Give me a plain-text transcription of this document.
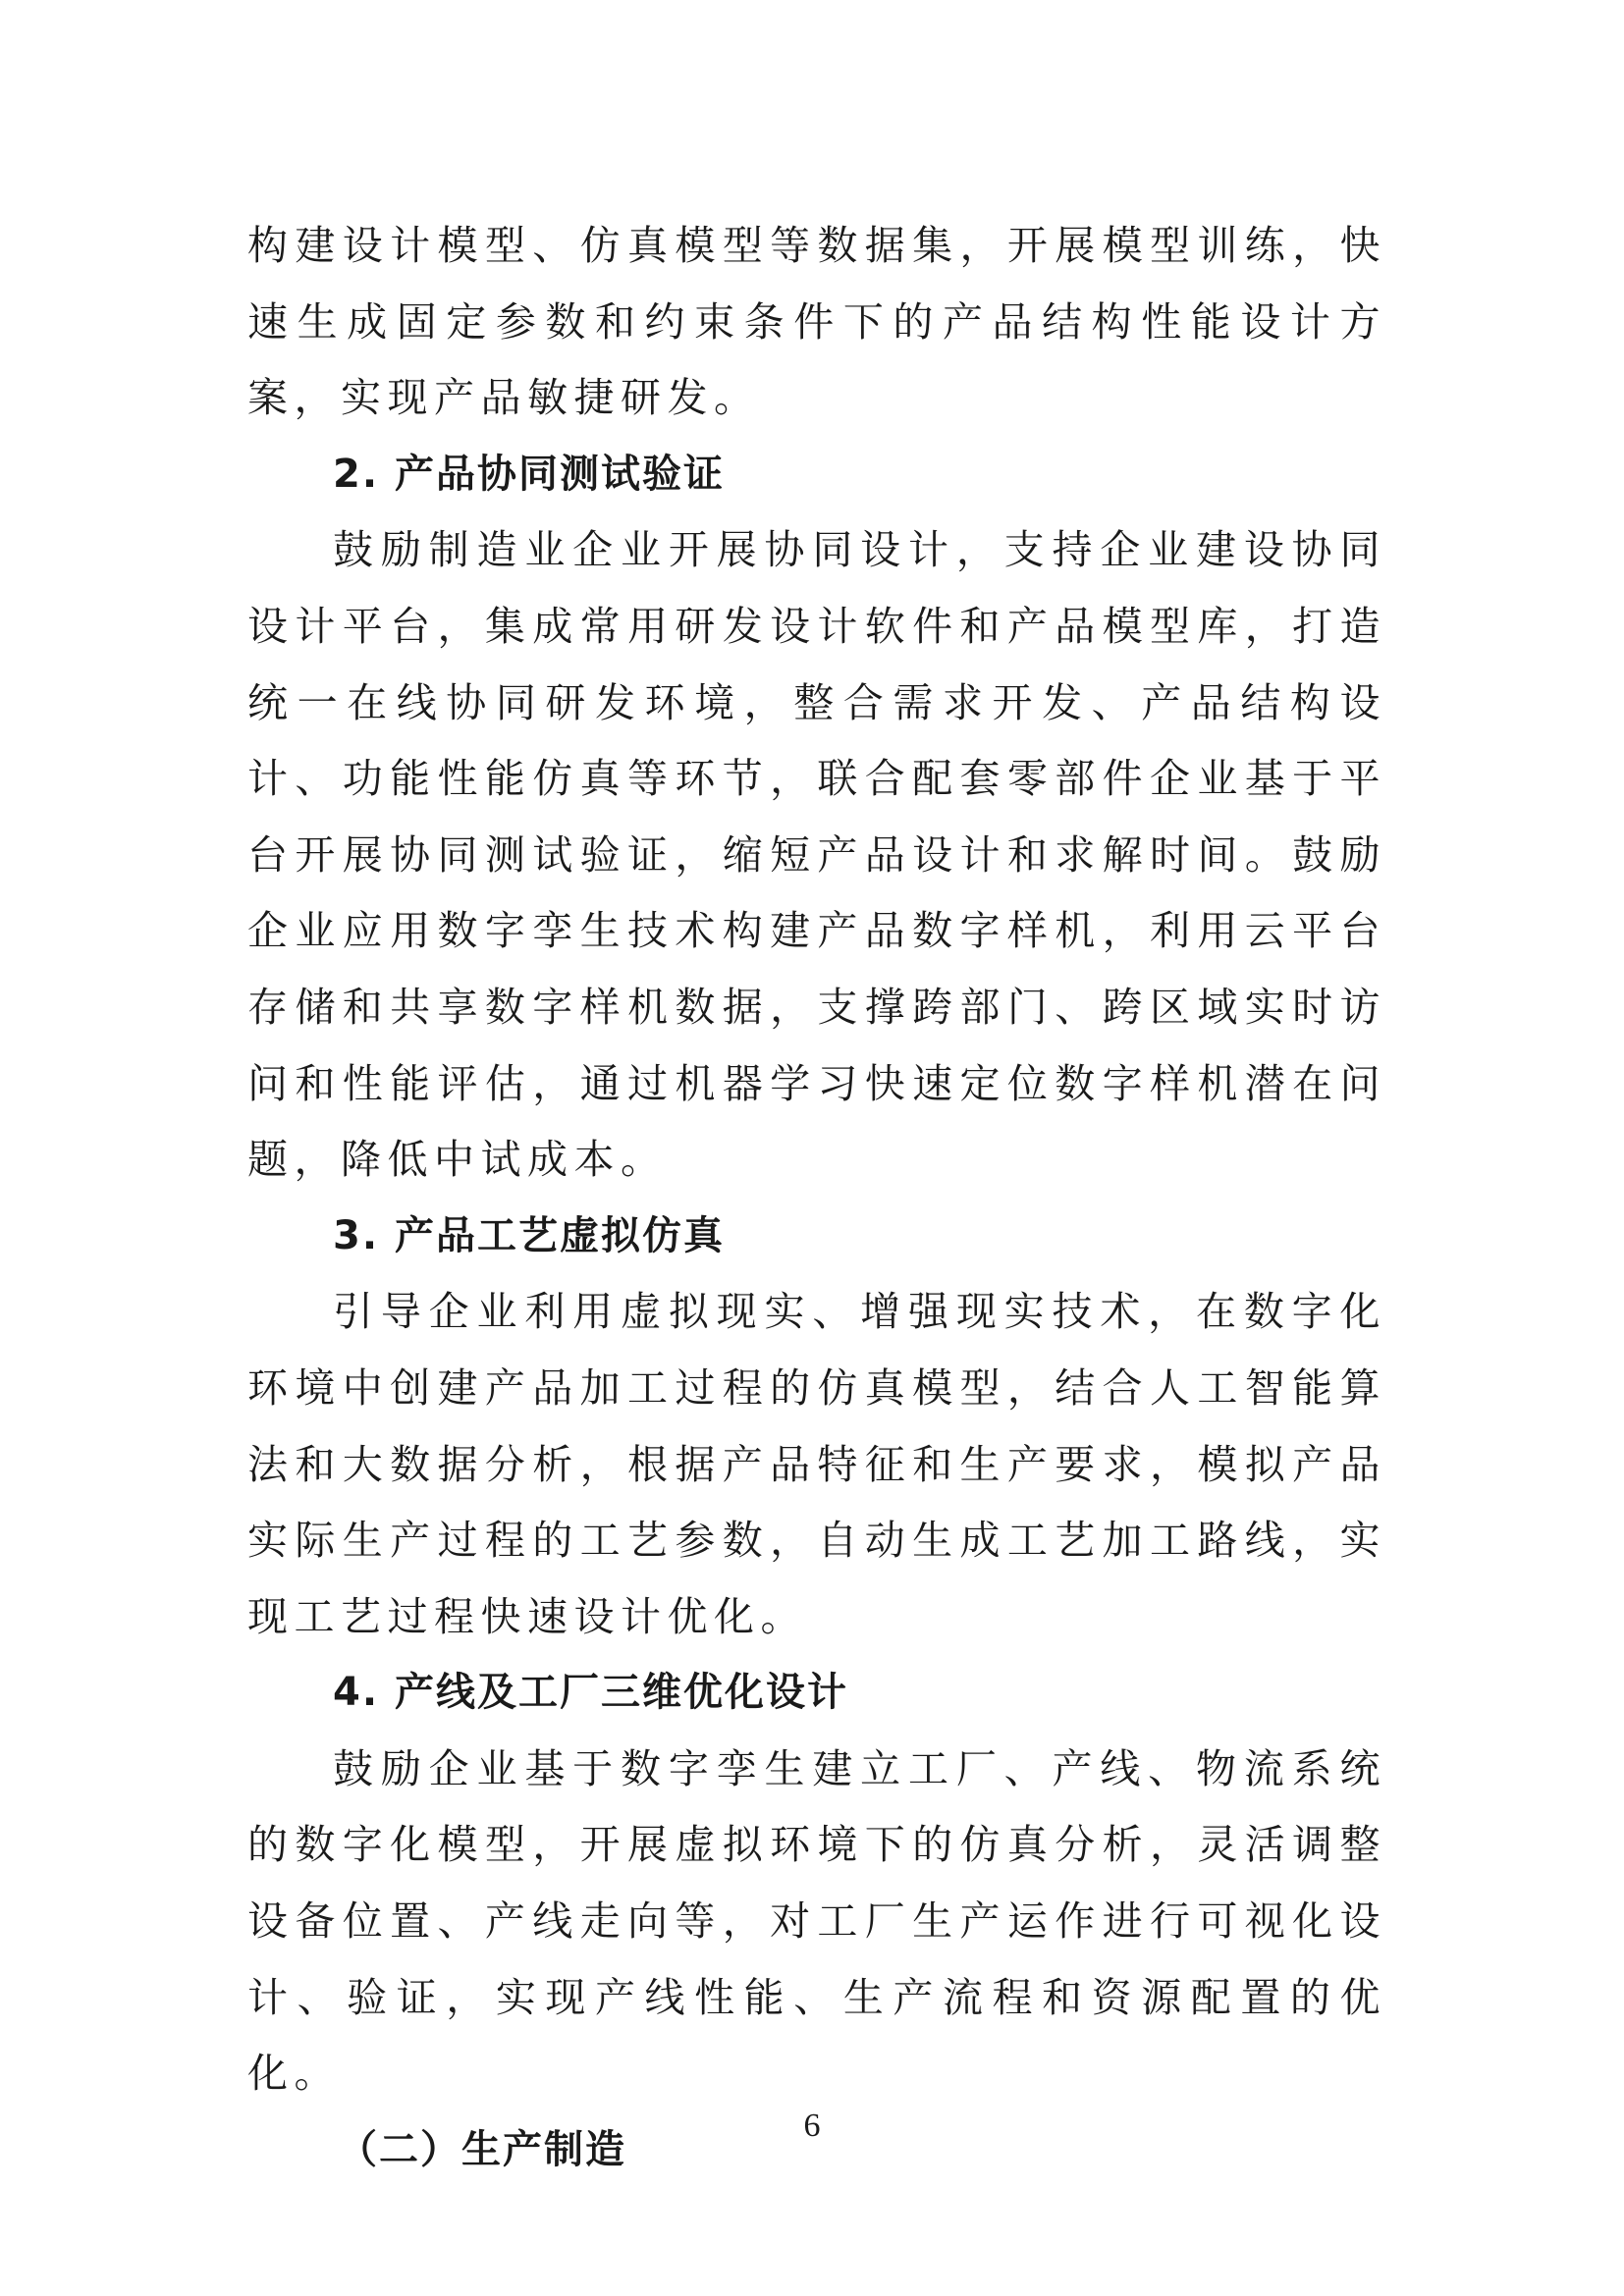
构建设计模型、仿真模型等数据集，开展模型训练，快速生成固定参数和约束条件下的产品结构性能设计方案，实现产品敏捷研发。

2. 产品协同测试验证

鼓励制造业企业开展协同设计，支持企业建设协同设计平台，集成常用研发设计软件和产品模型库，打造统一在线协同研发环境，整合需求开发、产品结构设计、功能性能仿真等环节，联合配套零部件企业基于平台开展协同测试验证，缩短产品设计和求解时间。鼓励企业应用数字孪生技术构建产品数字样机，利用云平台存储和共享数字样机数据，支撑跨部门、跨区域实时访问和性能评估，通过机器学习快速定位数字样机潜在问题，降低中试成本。

3. 产品工艺虚拟仿真

引导企业利用虚拟现实、增强现实技术，在数字化环境中创建产品加工过程的仿真模型，结合人工智能算法和大数据分析，根据产品特征和生产要求，模拟产品实际生产过程的工艺参数，自动生成工艺加工路线，实现工艺过程快速设计优化。

4. 产线及工厂三维优化设计

鼓励企业基于数字孪生建立工厂、产线、物流系统的数字化模型，开展虚拟环境下的仿真分析，灵活调整设备位置、产线走向等，对工厂生产运作进行可视化设计、验证，实现产线性能、生产流程和资源配置的优化。

（二）生产制造
6
